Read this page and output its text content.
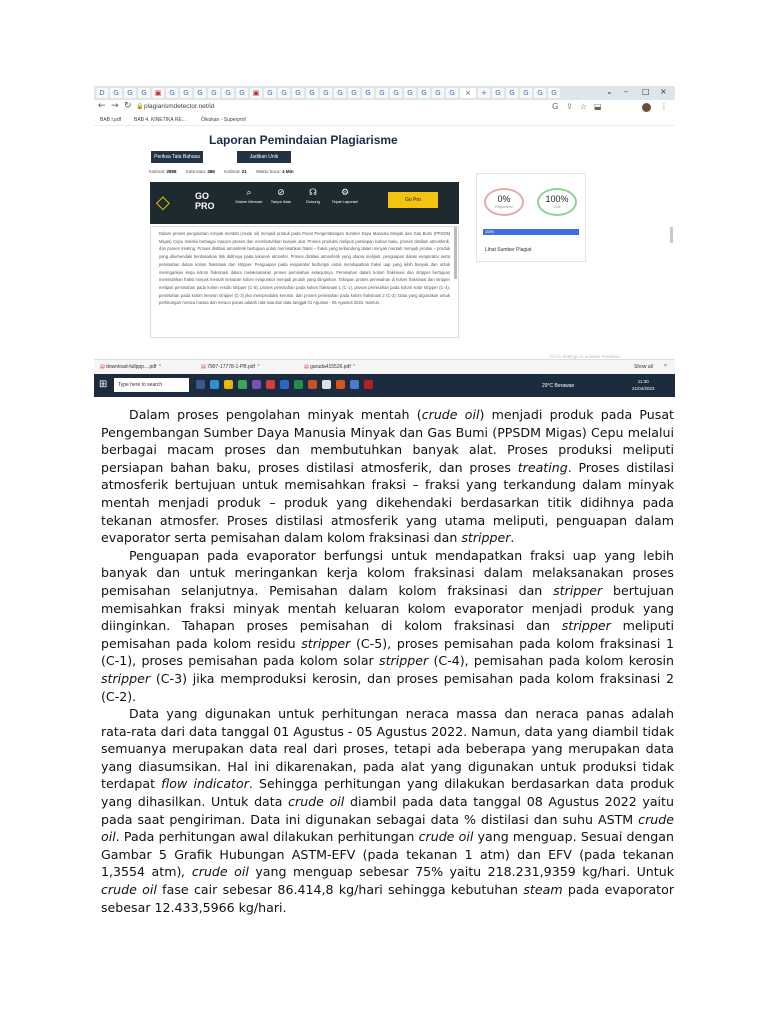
D	G	G	G	▣	G	G	G	G	G	G	▣	G	G	G	G	G	G	G	G	G	G	G	G	G	G	×	+	G	G	G	G	G	⌄ – □ ×
← → ↻ 🔒 plagiarismdetector.net/id	G ⇪ ☆ ⬓	⋮
BAB I.pdf	BAB 4. KINETIKA RE...	Ölezkan - Superprof
Laporan Pemindaian Plagiarisme
Periksa Tata Bahasa	Jadikan Unik
Kalimat: 2858 Kata kata: 386 Kalimat: 21 Waktu baca: 4 Min
◇	GO
PRO
⌕
Dalam Mencari
⊘
Tanpa Iklan
☊
Dukung
⚙
Tepat Laporan!	Go Pro
Dalam proses pengolahan minyak mentah (crude oil) menjadi produk pada Pusat Pengembangan Sumber Daya Manusia Minyak dan Gas Bumi (PPSDM Migas) Cepu melalui berbagai macam proses dan membutuhkan banyak alat. Proses produksi meliputi persiapan bahan baku, proses distilasi atmosferik, dan proses treating. Proses distilasi atmosferik bertujuan untuk memisahkan fraksi – fraksi yang terkandung dalam minyak mentah menjadi produk – produk yang dikehendaki berdasarkan titik didihnya pada tekanan atmosfer. Proses distilasi atmosferik yang utama meliputi, penguapan dalam evaporator serta pemisahan dalam kolom fraksinasi dan stripper. Penguapan pada evaporator berfungsi untuk mendapatkan fraksi uap yang lebih banyak dan untuk meringankan kerja kolom fraksinasi dalam melaksanakan proses pemisahan selanjutnya. Pemisahan dalam kolom fraksinasi dan stripper bertujuan memisahkan fraksi minyak mentah keluaran kolom evaporator menjadi produk yang diinginkan. Tahapan proses pemisahan di kolom fraksinasi dan stripper meliputi pemisahan pada kolom residu stripper (C-5), proses pemisahan pada kolom fraksinasi 1 (C-1), proses pemisahan pada kolom solar stripper (C-4), pemisahan pada kolom kerosin stripper (C-3) jika memproduksi kerosin, dan proses pemisahan pada kolom fraksinasi 2 (C-2). Data yang digunakan untuk perhitungan neraca massa dan neraca panas adalah rata-rata dari data tanggal 01 Agustus - 05 Agustus 2022. Namun,
0%
Plagiarisme
100%
Unik
100%
Lihat Sumber Plagiat
▤ download-fullppp....pdf ⌃	▤ 7907-17778-1-PB.pdf ⌃	▤ garuda415526.pdf ⌃	Show all ×
Go to Settings to activate Windows.
⊞	Type here to search	29°C Berawan
11:30
21/04/2023

Dalam proses pengolahan minyak mentah (crude oil) menjadi produk pada Pusat Pengembangan Sumber Daya Manusia Minyak dan Gas Bumi (PPSDM Migas) Cepu melalui berbagai macam proses dan membutuhkan banyak alat. Proses produksi meliputi persiapan bahan baku, proses distilasi atmosferik, dan proses treating. Proses distilasi atmosferik bertujuan untuk memisahkan fraksi – fraksi yang terkandung dalam minyak mentah menjadi produk – produk yang dikehendaki berdasarkan titik didihnya pada tekanan atmosfer. Proses distilasi atmosferik yang utama meliputi, penguapan dalam evaporator serta pemisahan dalam kolom fraksinasi dan stripper.

Penguapan pada evaporator berfungsi untuk mendapatkan fraksi uap yang lebih banyak dan untuk meringankan kerja kolom fraksinasi dalam melaksanakan proses pemisahan selanjutnya. Pemisahan dalam kolom fraksinasi dan stripper bertujuan memisahkan fraksi minyak mentah keluaran kolom evaporator menjadi produk yang diinginkan. Tahapan proses pemisahan di kolom fraksinasi dan stripper meliputi pemisahan pada kolom residu stripper (C-5), proses pemisahan pada kolom fraksinasi 1 (C-1), proses pemisahan pada kolom solar stripper (C-4), pemisahan pada kolom kerosin stripper (C-3) jika memproduksi kerosin, dan proses pemisahan pada kolom fraksinasi 2 (C-2).

Data yang digunakan untuk perhitungan neraca massa dan neraca panas adalah rata-rata dari data tanggal 01 Agustus - 05 Agustus 2022. Namun, data yang diambil tidak semuanya merupakan data real dari proses, tetapi ada beberapa yang merupakan data yang diasumsikan. Hal ini dikarenakan, pada alat yang digunakan untuk produksi tidak terdapat flow indicator. Sehingga perhitungan yang dilakukan berdasarkan data produk yang dihasilkan. Untuk data crude oil diambil pada data tanggal 08 Agustus 2022 yaitu pada saat pengiriman. Data ini digunakan sebagai data % distilasi dan suhu ASTM crude oil. Pada perhitungan awal dilakukan perhitungan crude oil yang menguap. Sesuai dengan Gambar 5 Grafik Hubungan ASTM-EFV (pada tekanan 1 atm) dan EFV (pada tekanan 1,3554 atm), crude oil yang menguap sebesar 75% yaitu 218.231,9359 kg/hari. Untuk crude oil fase cair sebesar 86.414,8 kg/hari sehingga kebutuhan steam pada evaporator sebesar 12.433,5966 kg/hari.
